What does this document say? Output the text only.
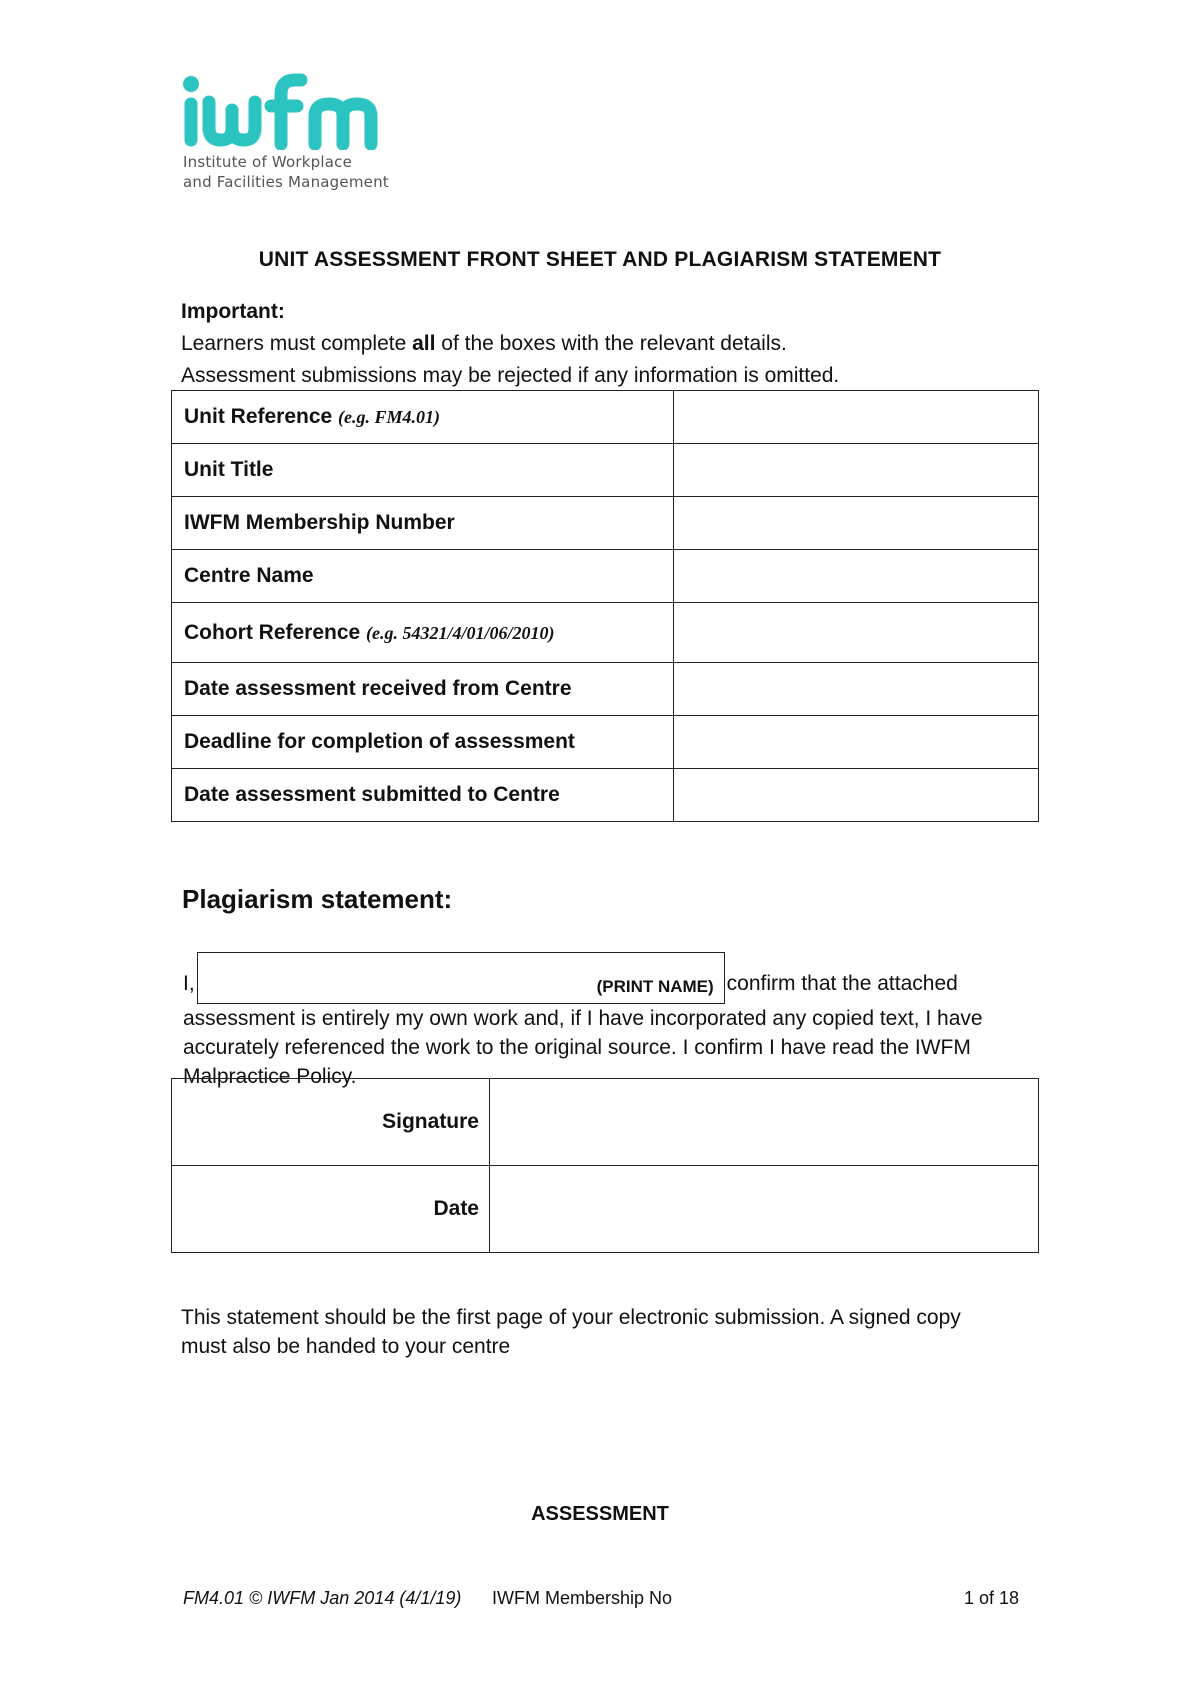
Institute of Workplace
and Facilities Management
UNIT ASSESSMENT FRONT SHEET AND PLAGIARISM STATEMENT
Important:
Learners must complete all of the boxes with the relevant details.
Assessment submissions may be rejected if any information is omitted.
Unit Reference (e.g. FM4.01)	
Unit Title	
IWFM Membership Number	
Centre Name	
Cohort Reference (e.g. 54321/4/01/06/2010)	
Date assessment received from Centre	
Deadline for completion of assessment	
Date assessment submitted to Centre	
Plagiarism statement:
I,	(PRINT NAME) confirm that the attached assessment is entirely my own work and, if I have incorporated any copied text, I have accurately referenced the work to the original source. I confirm I have read the IWFM Malpractice Policy.
Signature	
Date	
This statement should be the first page of your electronic submission. A signed copy must also be handed to your centre
ASSESSMENT
FM4.01 © IWFM Jan 2014 (4/1/19) IWFM Membership No	1 of 18
